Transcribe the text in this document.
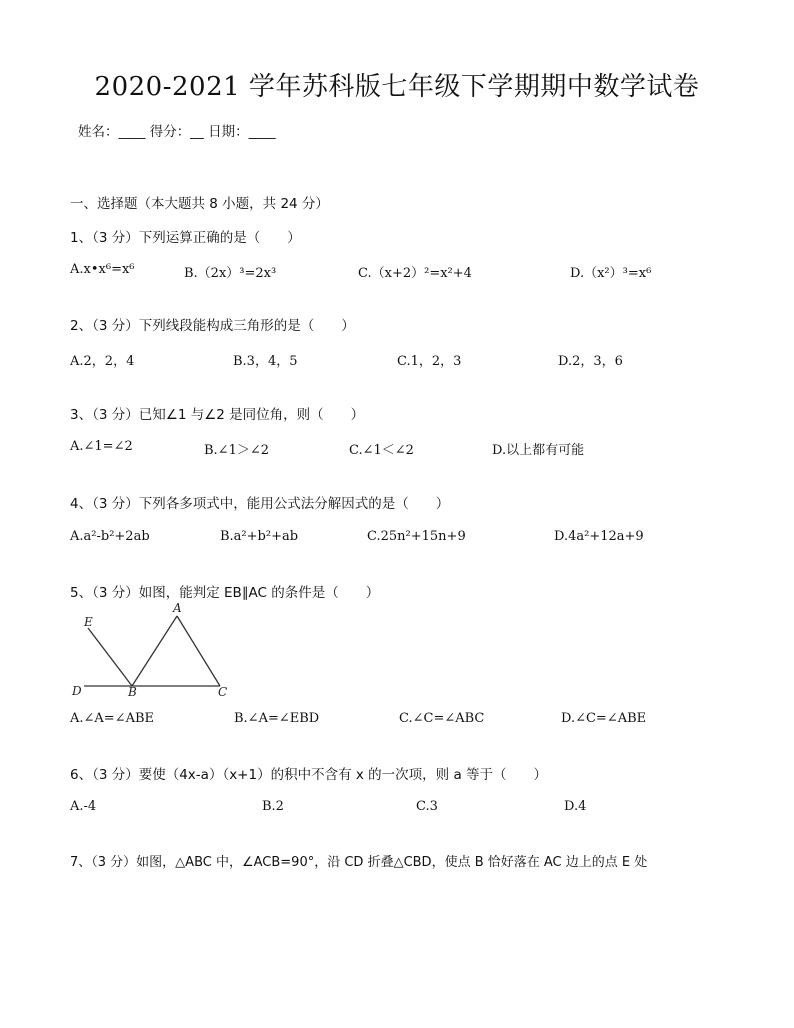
2020-2021 学年苏科版七年级下学期期中数学试卷
姓名：____ 得分：__ 日期：____
一、选择题（本大题共 8 小题，共 24 分）
1、（3 分）下列运算正确的是（　　）
A.x•x⁶=x⁶	B.（2x）³=2x³	C.（x+2）²=x²+4	D.（x²）³=x⁶
2、（3 分）下列线段能构成三角形的是（　　）
A.2，2，4	B.3，4，5	C.1，2，3	D.2，3，6
3、（3 分）已知∠1 与∠2 是同位角，则（　　）
A.∠1=∠2	B.∠1＞∠2	C.∠1＜∠2	D.以上都有可能
4、（3 分）下列各多项式中，能用公式法分解因式的是（　　）
A.a²-b²+2ab	B.a²+b²+ab	C.25n²+15n+9	D.4a²+12a+9
5、（3 分）如图，能判定 EB∥AC 的条件是（　　）
E
A
D	B	C
A.∠A=∠ABE	B.∠A=∠EBD	C.∠C=∠ABC	D.∠C=∠ABE
6、（3 分）要使（4x-a）（x+1）的积中不含有 x 的一次项，则 a 等于（　　）
A.-4	B.2	C.3	D.4
7、（3 分）如图，△ABC 中，∠ACB=90°，沿 CD 折叠△CBD，使点 B 恰好落在 AC 边上的点 E 处
